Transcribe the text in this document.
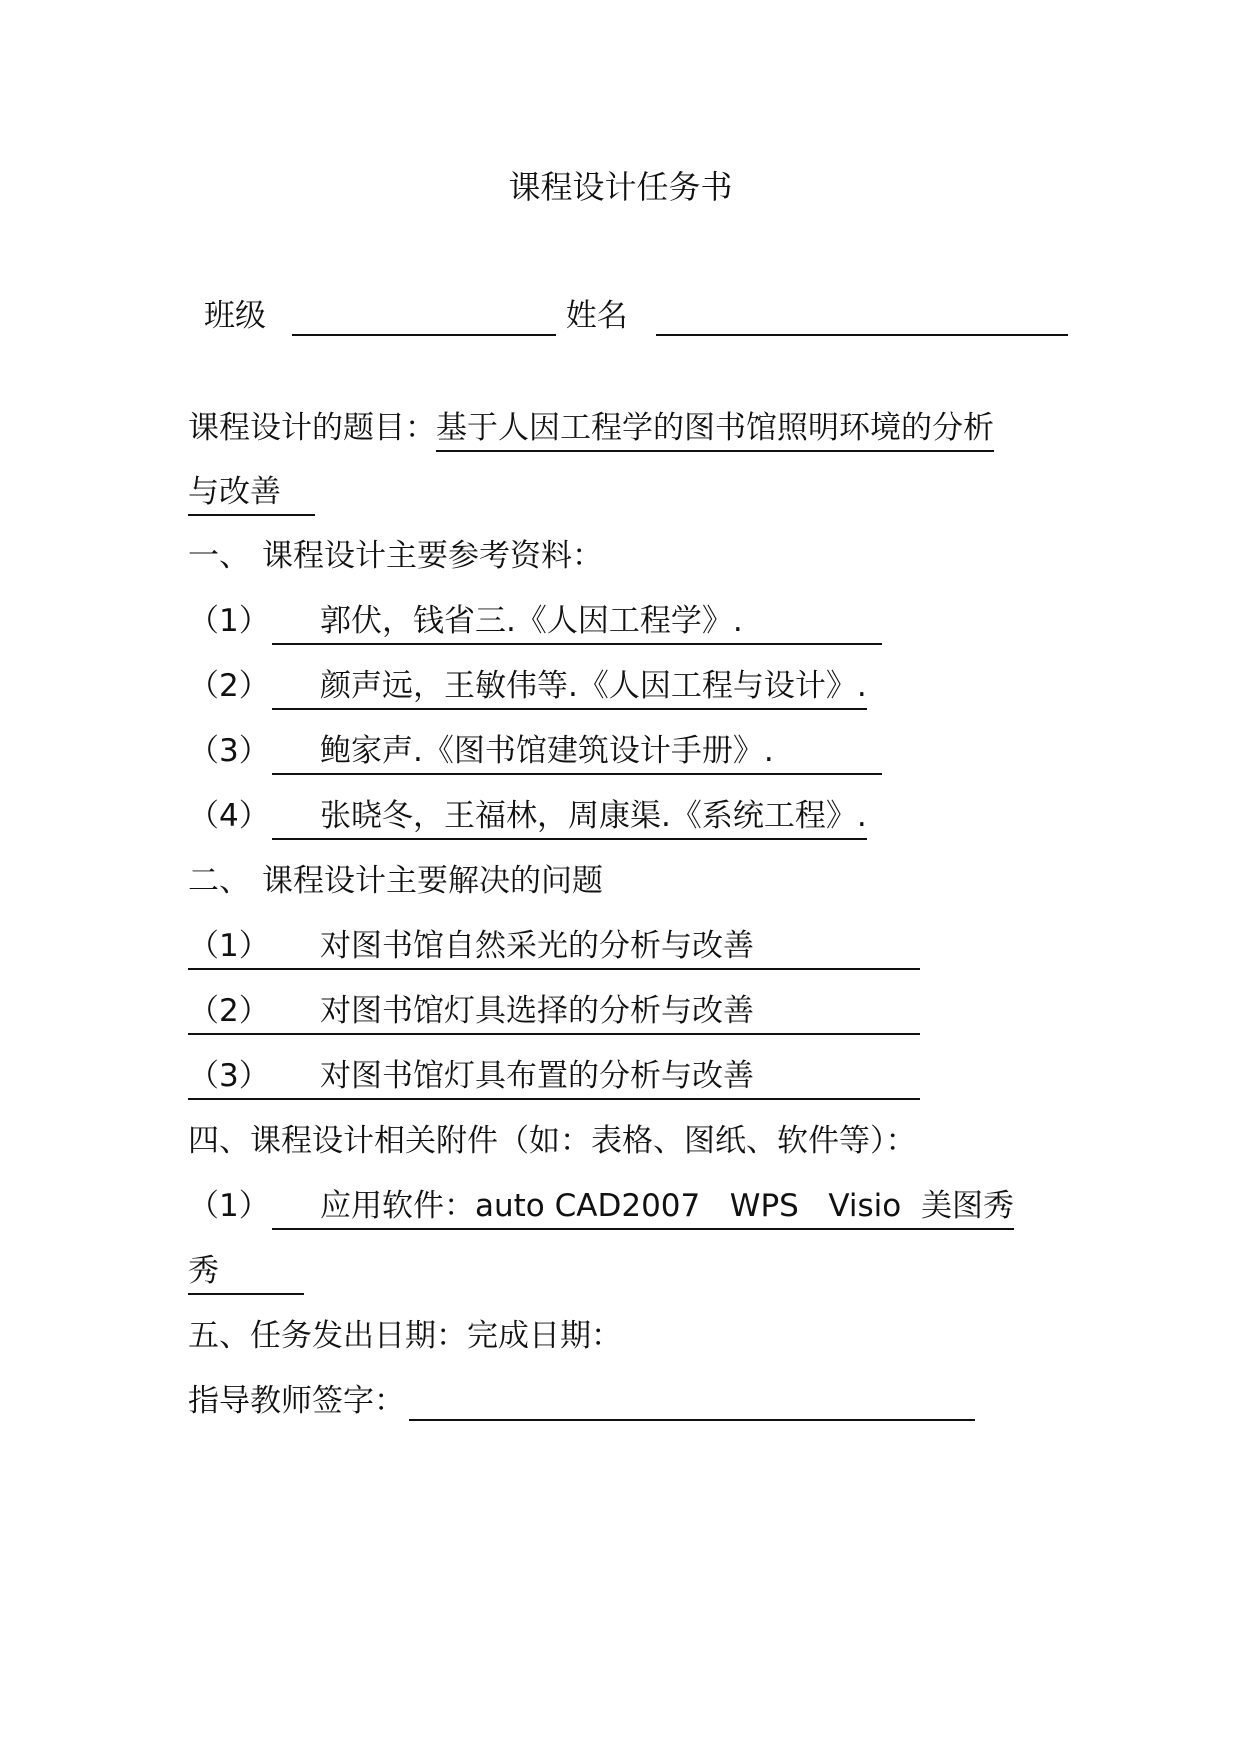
课程设计任务书
班级	姓名
课程设计的题目：基于人因工程学的图书馆照明环境的分析
与改善
一、 课程设计主要参考资料：
（1） 郭伏，钱省三.《人因工程学》.
（2） 颜声远，王敏伟等.《人因工程与设计》.
（3） 鲍家声.《图书馆建筑设计手册》.
（4） 张晓冬，王福林，周康渠.《系统工程》.
二、 课程设计主要解决的问题
（1） 对图书馆自然采光的分析与改善
（2） 对图书馆灯具选择的分析与改善
（3） 对图书馆灯具布置的分析与改善
四、课程设计相关附件（如：表格、图纸、软件等）：
（1） 应用软件：auto CAD2007   WPS   Visio  美图秀
秀
五、任务发出日期：完成日期：
指导教师签字：
